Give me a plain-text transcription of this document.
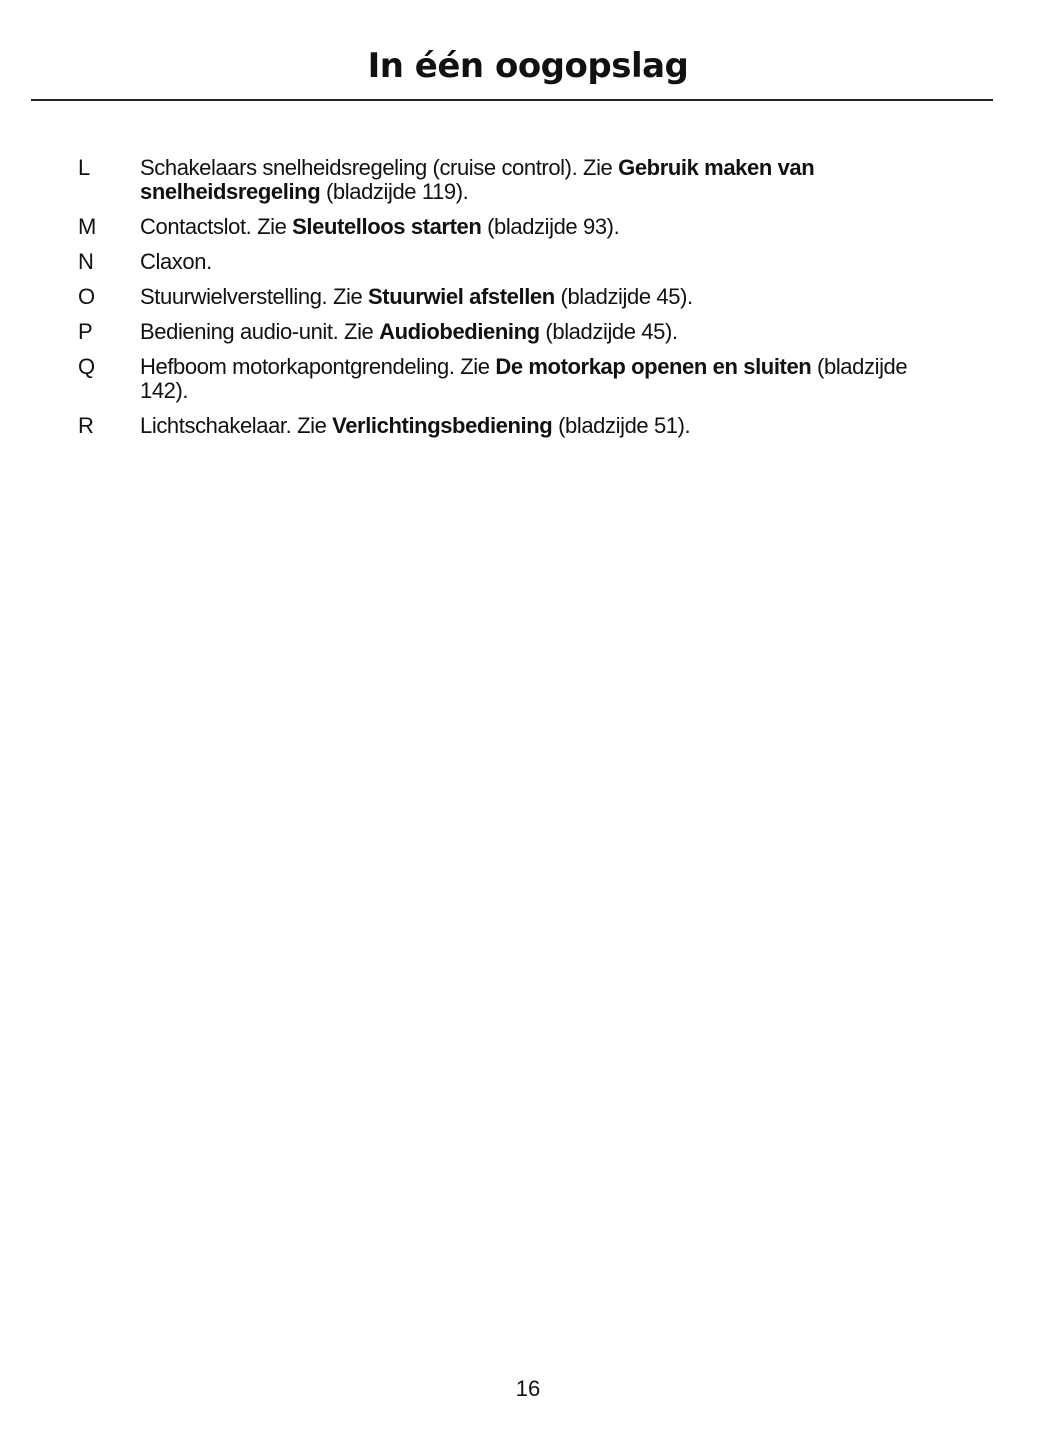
In één oogopslag
L	Schakelaars snelheidsregeling (cruise control). Zie Gebruik maken van snelheidsregeling (bladzijde 119).
M	Contactslot. Zie Sleutelloos starten (bladzijde 93).
N	Claxon.
O	Stuurwielverstelling. Zie Stuurwiel afstellen (bladzijde 45).
P	Bediening audio-unit. Zie Audiobediening (bladzijde 45).
Q	Hefboom motorkapontgrendeling. Zie De motorkap openen en sluiten (bladzijde 142).
R	Lichtschakelaar. Zie Verlichtingsbediening (bladzijde 51).
16
